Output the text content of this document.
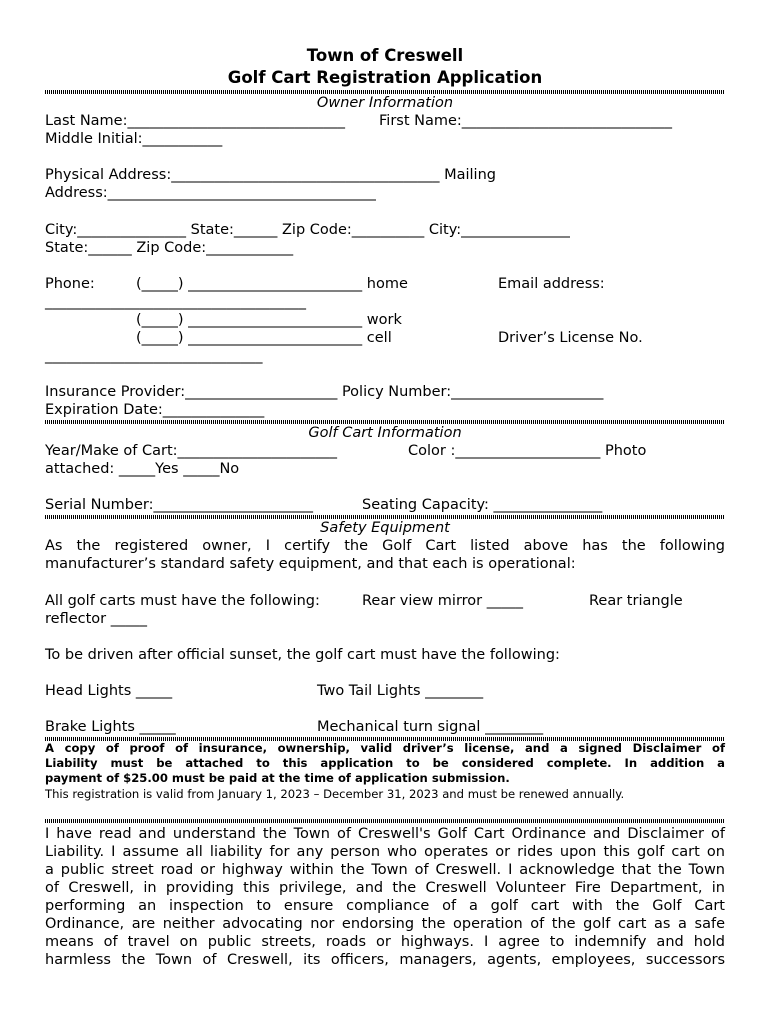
Town of Creswell
Golf Cart Registration Application
Owner Information
Last Name:______________________________ First Name:_____________________________
Middle Initial:___________
Physical Address:_____________________________________ Mailing
Address:_____________________________________
City:_______________ State:______ Zip Code:__________ City:_______________
State:______ Zip Code:____________
Phone:	(_____) ________________________ home	Email address:
____________________________________
(_____) ________________________ work
(_____) ________________________ cell	Driver’s License No.
______________________________
Insurance Provider:_____________________ Policy Number:_____________________
Expiration Date:______________
Golf Cart Information
Year/Make of Cart:______________________	Color :____________________ Photo
attached: _____Yes _____No
Serial Number:______________________	Seating Capacity: _______________
Safety Equipment
As the registered owner, I certify the Golf Cart listed above has the following
manufacturer’s standard safety equipment, and that each is operational:
All golf carts must have the following:	Rear view mirror _____	Rear triangle
reflector _____
To be driven after official sunset, the golf cart must have the following:
Head Lights _____	Two Tail Lights ________
Brake Lights _____	Mechanical turn signal ________
A copy of proof of insurance, ownership, valid driver’s license, and a signed Disclaimer of
Liability must be attached to this application to be considered complete. In addition a
payment of $25.00 must be paid at the time of application submission.
This registration is valid from January 1, 2023 – December 31, 2023 and must be renewed annually.
I have read and understand the Town of Creswell's Golf Cart Ordinance and Disclaimer of
Liability. I assume all liability for any person who operates or rides upon this golf cart on
a public street road or highway within the Town of Creswell. I acknowledge that the Town
of Creswell, in providing this privilege, and the Creswell Volunteer Fire Department, in
performing an inspection to ensure compliance of a golf cart with the Golf Cart
Ordinance, are neither advocating nor endorsing the operation of the golf cart as a safe
means of travel on public streets, roads or highways. I agree to indemnify and hold
harmless the Town of Creswell, its officers, managers, agents, employees, successors
